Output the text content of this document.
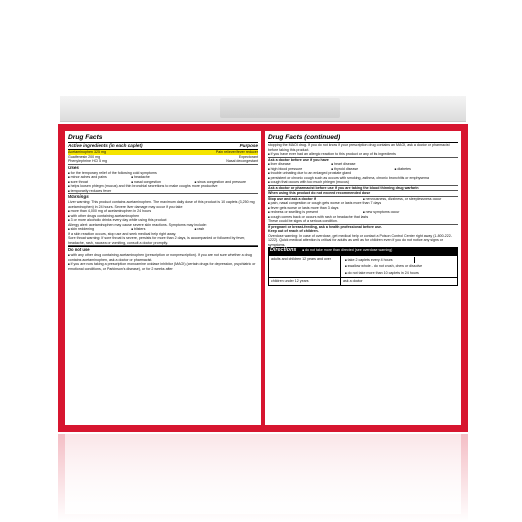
Drug Facts
Active ingredients (in each caplet)	Purpose
Acetaminophen 325 mg	Pain reliever/fever reducer
Guaifenesin 200 mg	Expectorant
Phenylephrine HCl 5 mg	Nasal decongestant
Uses
■ for the temporary relief of the following cold symptoms
■ minor aches and pains	■ headache
■ sore throat	■ nasal congestion	■ sinus congestion and pressure
■ helps loosen phlegm (mucus) and thin bronchial secretions to make coughs more productive
■ temporarily reduces fever
Warnings
Liver warning: This product contains acetaminophen. The maximum daily dose of this product is 10 caplets (3,250 mg acetaminophen) in 24 hours. Severe liver damage may occur if you take
■ more than 4,000 mg of acetaminophen in 24 hours
■ with other drugs containing acetaminophen
■ 3 or more alcoholic drinks every day while using this product
Allergy alert: acetaminophen may cause severe skin reactions. Symptoms may include:
■ skin reddening	■ blisters	■ rash
If a skin reaction occurs, stop use and seek medical help right away.
Sore throat warning: If sore throat is severe, persists for more than 2 days, is accompanied or followed by fever, headache, rash, nausea or vomiting, consult a doctor promptly.
Do not use
■ with any other drug containing acetaminophen (prescription or nonprescription). If you are not sure whether a drug contains acetaminophen, ask a doctor or pharmacist.
■ if you are now taking a prescription monoamine oxidase inhibitor (MAOI) (certain drugs for depression, psychiatric or emotional conditions, or Parkinson's disease), or for 2 weeks after
Drug Facts (continued)
stopping the MAOI drug. If you do not know if your prescription drug contains an MAOI, ask a doctor or pharmacist before taking this product.
■ if you have ever had an allergic reaction to this product or any of its ingredients
Ask a doctor before use if you have
■ liver disease	■ heart disease
■ high blood pressure	■ thyroid disease	■ diabetes
■ trouble urinating due to an enlarged prostate gland
■ persistent or chronic cough such as occurs with smoking, asthma, chronic bronchitis or emphysema
■ cough that occurs with too much phlegm (mucus)
Ask a doctor or pharmacist before use if you are taking the blood thinning drug warfarin
When using this product do not exceed recommended dose
Stop use and ask a doctor if	■ nervousness, dizziness, or sleeplessness occur
■ pain, nasal congestion or cough gets worse or lasts more than 7 days
■ fever gets worse or lasts more than 3 days
■ redness or swelling is present	■ new symptoms occur
■ cough comes back or occurs with rash or headache that lasts
These could be signs of a serious condition.
If pregnant or breast-feeding, ask a health professional before use.
Keep out of reach of children.
Overdose warning: In case of overdose, get medical help or contact a Poison Control Center right away (1-800-222-1222). Quick medical attention is critical for adults as well as for children even if you do not notice any signs or symptoms.
Directions	■ do not take more than directed (see overdose warning)
adults and children 12 years and over	■ take 2 caplets every 4 hours
■ swallow whole - do not crush, chew or dissolve
■ do not take more than 10 caplets in 24 hours
children under 12 years	ask a doctor
